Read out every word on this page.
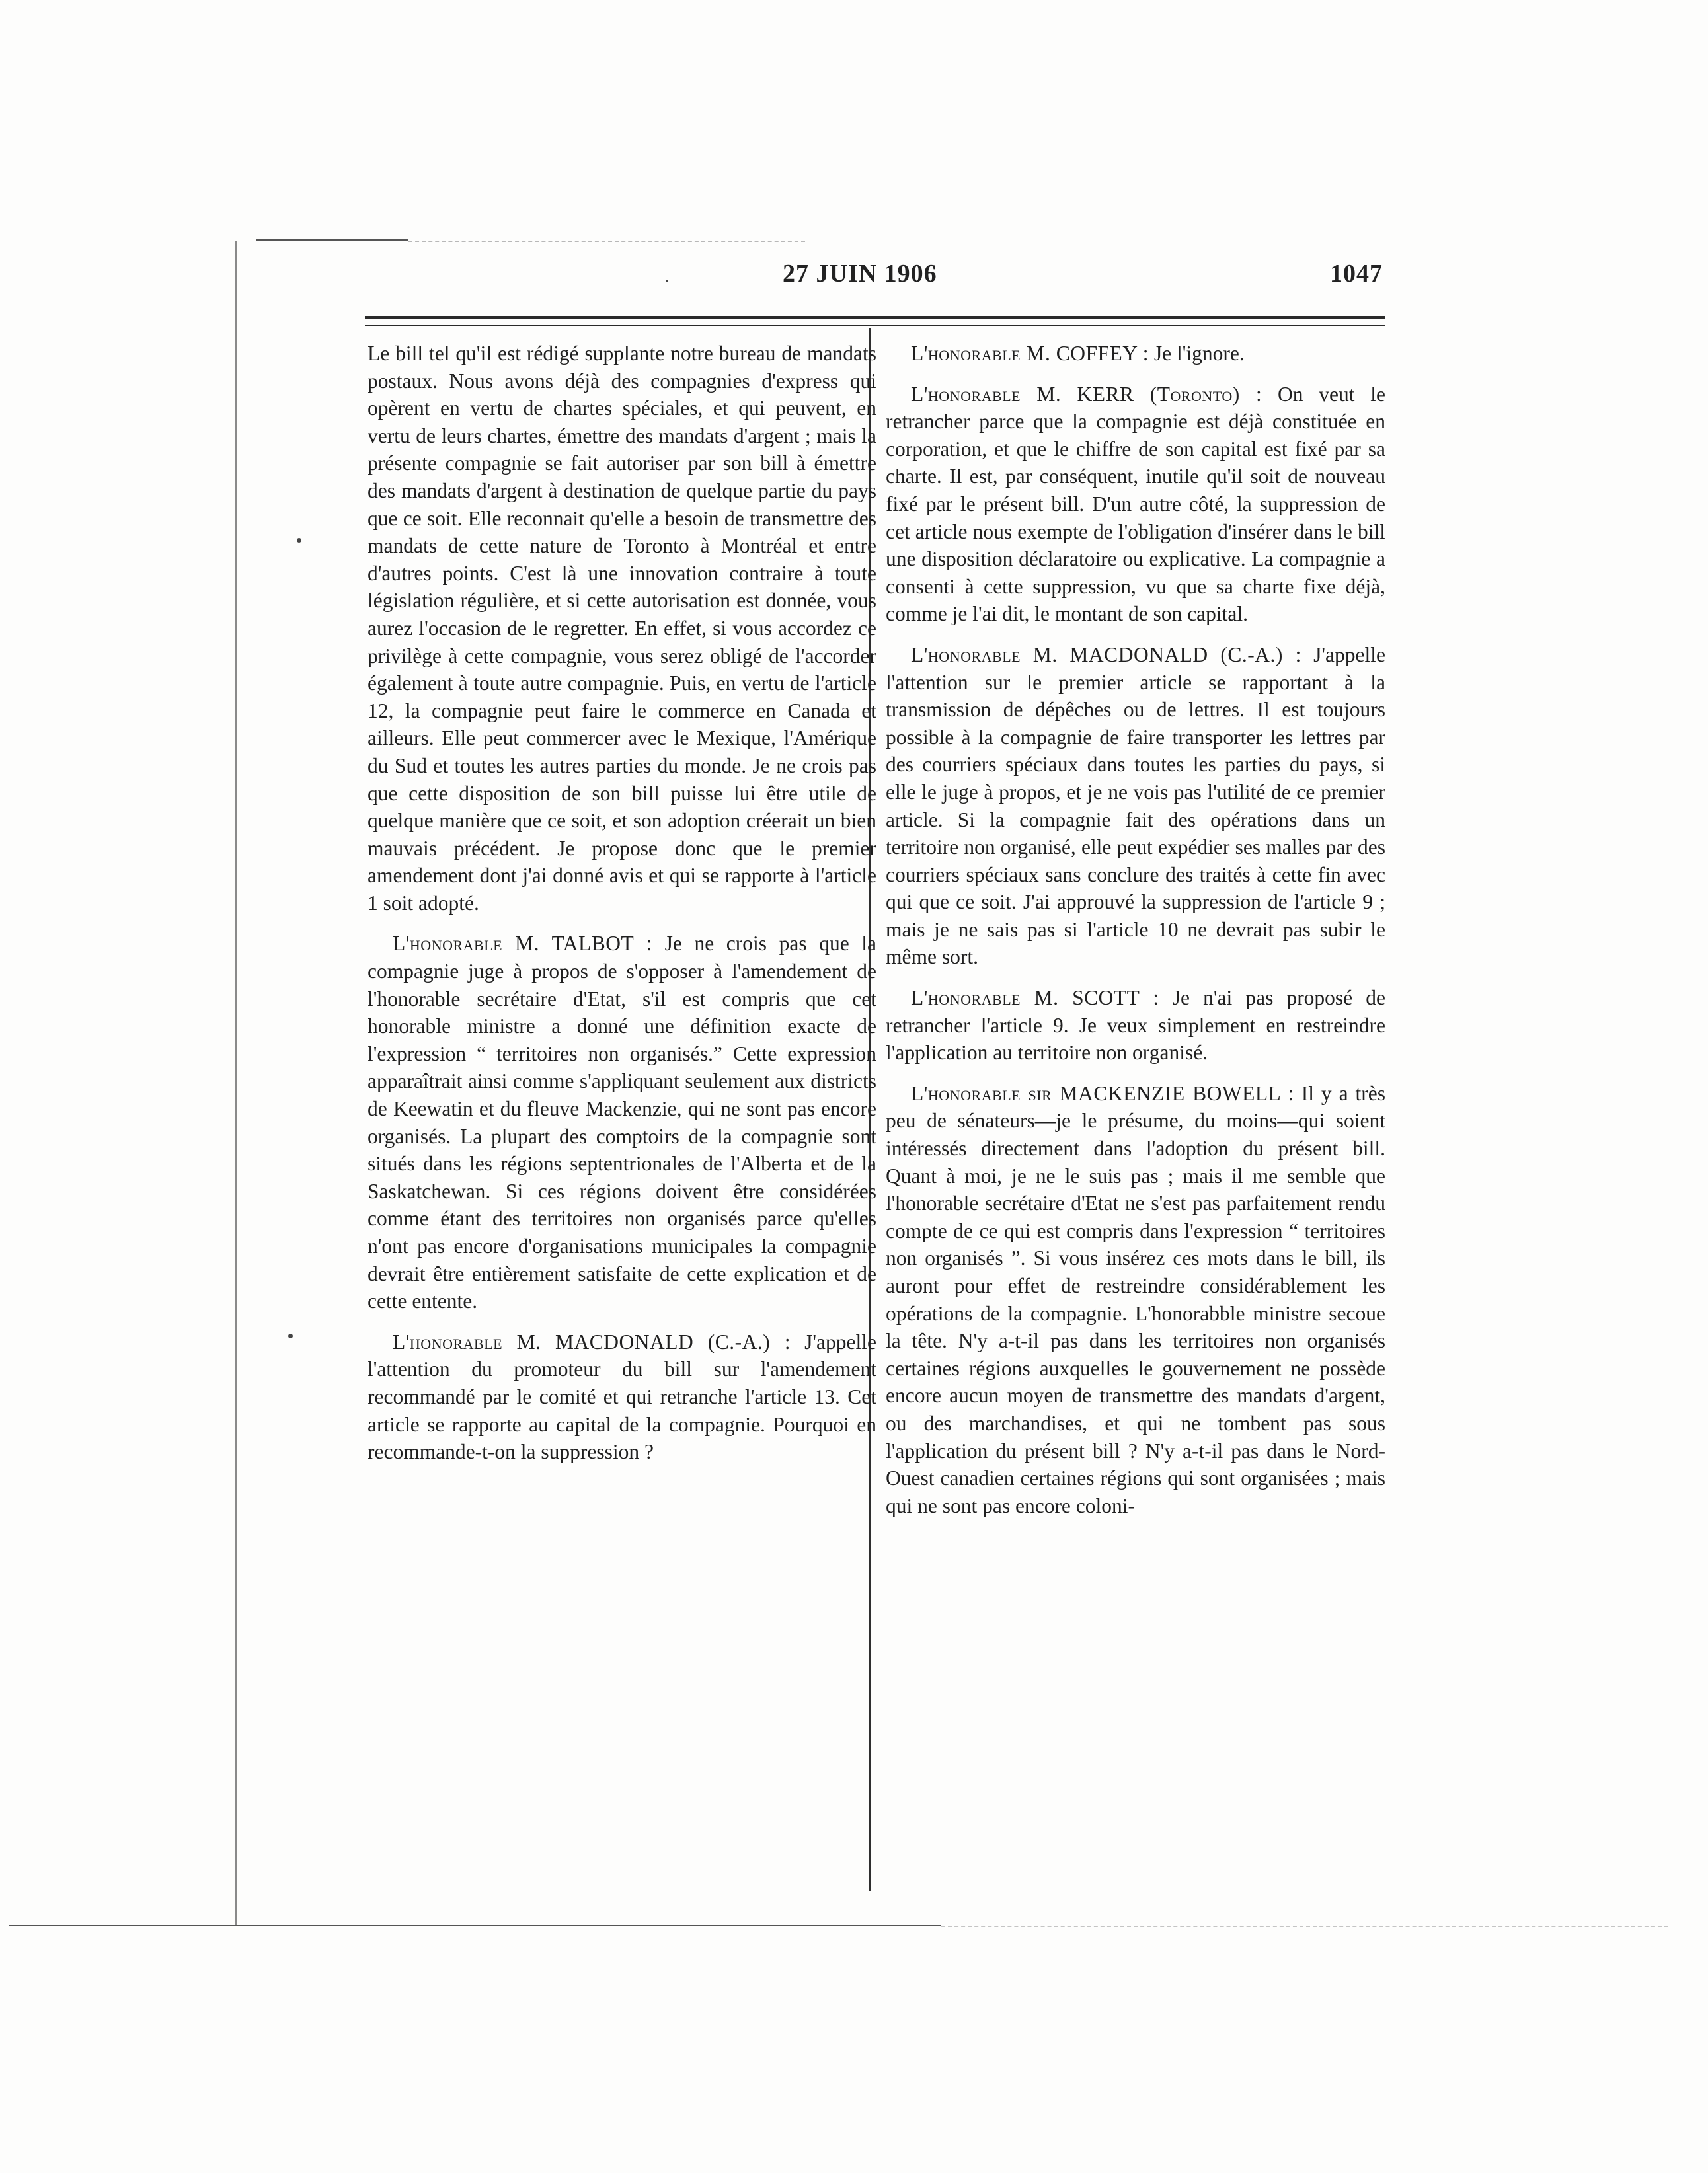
27 JUIN 1906	1047

Le bill tel qu'il est rédigé supplante notre bureau de mandats postaux. Nous avons déjà des compagnies d'express qui opèrent en vertu de chartes spéciales, et qui peuvent, en vertu de leurs chartes, émettre des mandats d'argent ; mais la présente compagnie se fait autoriser par son bill à émettre des mandats d'argent à destination de quelque partie du pays que ce soit. Elle reconnait qu'elle a besoin de transmettre des mandats de cette nature de Toronto à Montréal et entre d'autres points. C'est là une innovation contraire à toute législation régulière, et si cette autorisation est donnée, vous aurez l'occasion de le regretter. En effet, si vous accordez ce privilège à cette compagnie, vous serez obligé de l'accorder également à toute autre compagnie. Puis, en vertu de l'article 12, la compagnie peut faire le commerce en Canada et ailleurs. Elle peut commercer avec le Mexique, l'Amérique du Sud et toutes les autres parties du monde. Je ne crois pas que cette disposition de son bill puisse lui être utile de quelque manière que ce soit, et son adoption créerait un bien mauvais précédent. Je propose donc que le premier amendement dont j'ai donné avis et qui se rapporte à l'article 1 soit adopté.

L'honorable M. TALBOT : Je ne crois pas que la compagnie juge à propos de s'opposer à l'amendement de l'honorable secrétaire d'Etat, s'il est compris que cet honorable ministre a donné une définition exacte de l'expression “ territoires non organisés.” Cette expression apparaîtrait ainsi comme s'appliquant seulement aux districts de Keewatin et du fleuve Mackenzie, qui ne sont pas encore organisés. La plupart des comptoirs de la compagnie sont situés dans les régions septentrionales de l'Alberta et de la Saskatchewan. Si ces régions doivent être considérées comme étant des territoires non organisés parce qu'elles n'ont pas encore d'organisations municipales la compagnie devrait être entièrement satisfaite de cette explication et de cette entente.

L'honorable M. MACDONALD (C.-A.) : J'appelle l'attention du promoteur du bill sur l'amendement recommandé par le comité et qui retranche l'article 13. Cet article se rapporte au capital de la compagnie. Pourquoi en recommande-t-on la suppression ?

L'honorable M. COFFEY : Je l'ignore.

L'honorable M. KERR (Toronto) : On veut le retrancher parce que la compagnie est déjà constituée en corporation, et que le chiffre de son capital est fixé par sa charte. Il est, par conséquent, inutile qu'il soit de nouveau fixé par le présent bill. D'un autre côté, la suppression de cet article nous exempte de l'obligation d'insérer dans le bill une disposition déclaratoire ou explicative. La compagnie a consenti à cette suppression, vu que sa charte fixe déjà, comme je l'ai dit, le montant de son capital.

L'honorable M. MACDONALD (C.-A.) : J'appelle l'attention sur le premier article se rapportant à la transmission de dépêches ou de lettres. Il est toujours possible à la compagnie de faire transporter les lettres par des courriers spéciaux dans toutes les parties du pays, si elle le juge à propos, et je ne vois pas l'utilité de ce premier article. Si la compagnie fait des opérations dans un territoire non organisé, elle peut expédier ses malles par des courriers spéciaux sans conclure des traités à cette fin avec qui que ce soit. J'ai approuvé la suppression de l'article 9 ; mais je ne sais pas si l'article 10 ne devrait pas subir le même sort.

L'honorable M. SCOTT : Je n'ai pas proposé de retrancher l'article 9. Je veux simplement en restreindre l'application au territoire non organisé.

L'honorable sir MACKENZIE BOWELL : Il y a très peu de sénateurs—je le présume, du moins—qui soient intéressés directement dans l'adoption du présent bill. Quant à moi, je ne le suis pas ; mais il me semble que l'honorable secrétaire d'Etat ne s'est pas parfaitement rendu compte de ce qui est compris dans l'expression “ territoires non organisés ”. Si vous insérez ces mots dans le bill, ils auront pour effet de restreindre considérablement les opérations de la compagnie. L'honorabble ministre secoue la tête. N'y a-t-il pas dans les territoires non organisés certaines régions auxquelles le gouvernement ne possède encore aucun moyen de transmettre des mandats d'argent, ou des marchandises, et qui ne tombent pas sous l'application du présent bill ? N'y a-t-il pas dans le Nord-Ouest canadien certaines régions qui sont organisées ; mais qui ne sont pas encore coloni-
